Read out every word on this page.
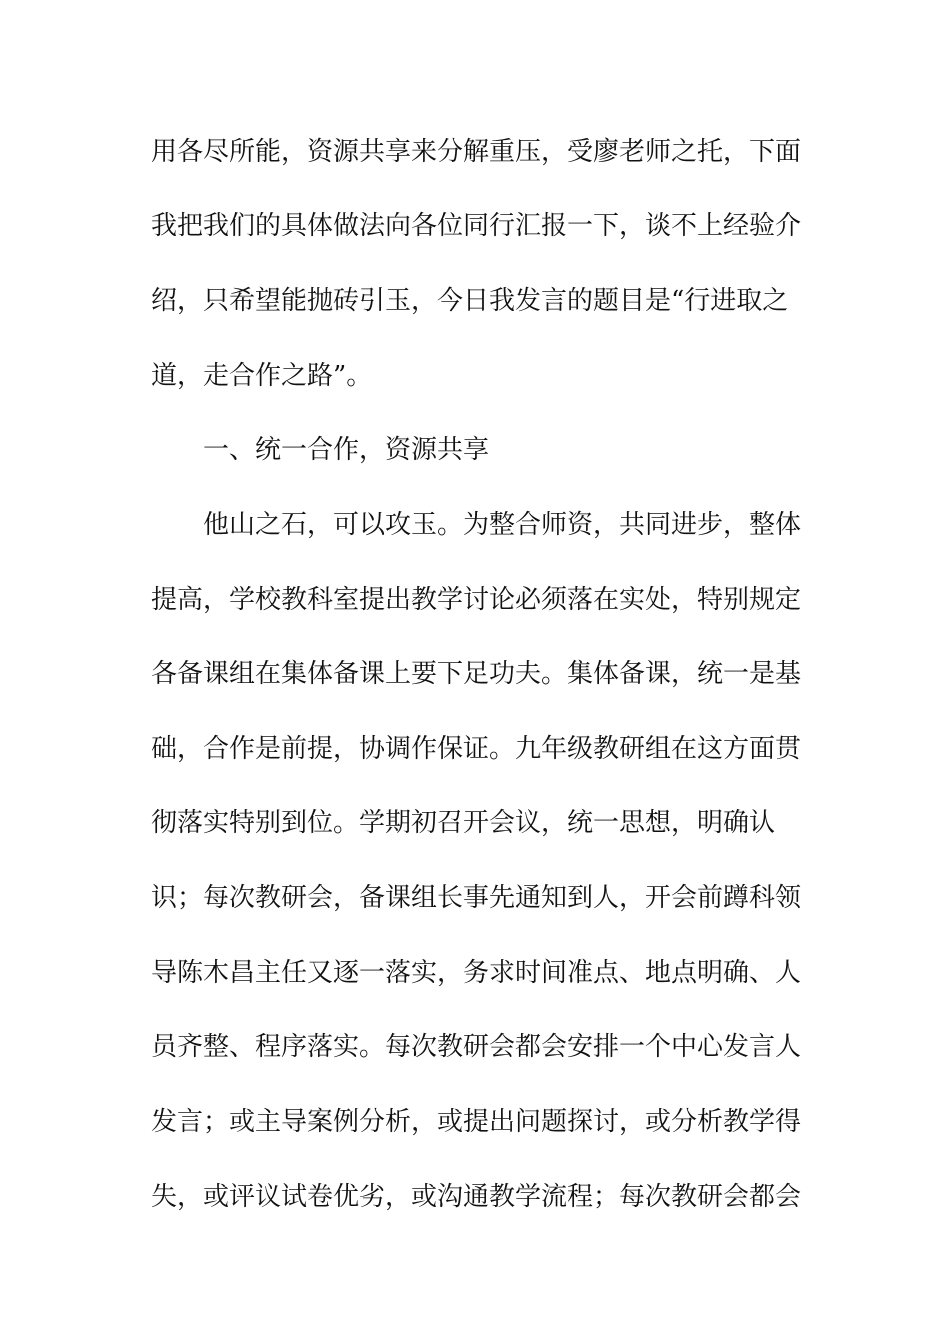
用各尽所能，资源共享来分解重压，受廖老师之托，下面
我把我们的具体做法向各位同行汇报一下，谈不上经验介
绍，只希望能抛砖引玉，今日我发言的题目是“行进取之
道，走合作之路”。
一、统一合作，资源共享
他山之石，可以攻玉。为整合师资，共同进步，整体
提高，学校教科室提出教学讨论必须落在实处，特别规定
各备课组在集体备课上要下足功夫。集体备课，统一是基
础，合作是前提，协调作保证。九年级教研组在这方面贯
彻落实特别到位。学期初召开会议，统一思想，明确认
识；每次教研会，备课组长事先通知到人，开会前蹲科领
导陈木昌主任又逐一落实，务求时间准点、地点明确、人
员齐整、程序落实。每次教研会都会安排一个中心发言人
发言；或主导案例分析，或提出问题探讨，或分析教学得
失，或评议试卷优劣，或沟通教学流程；每次教研会都会
